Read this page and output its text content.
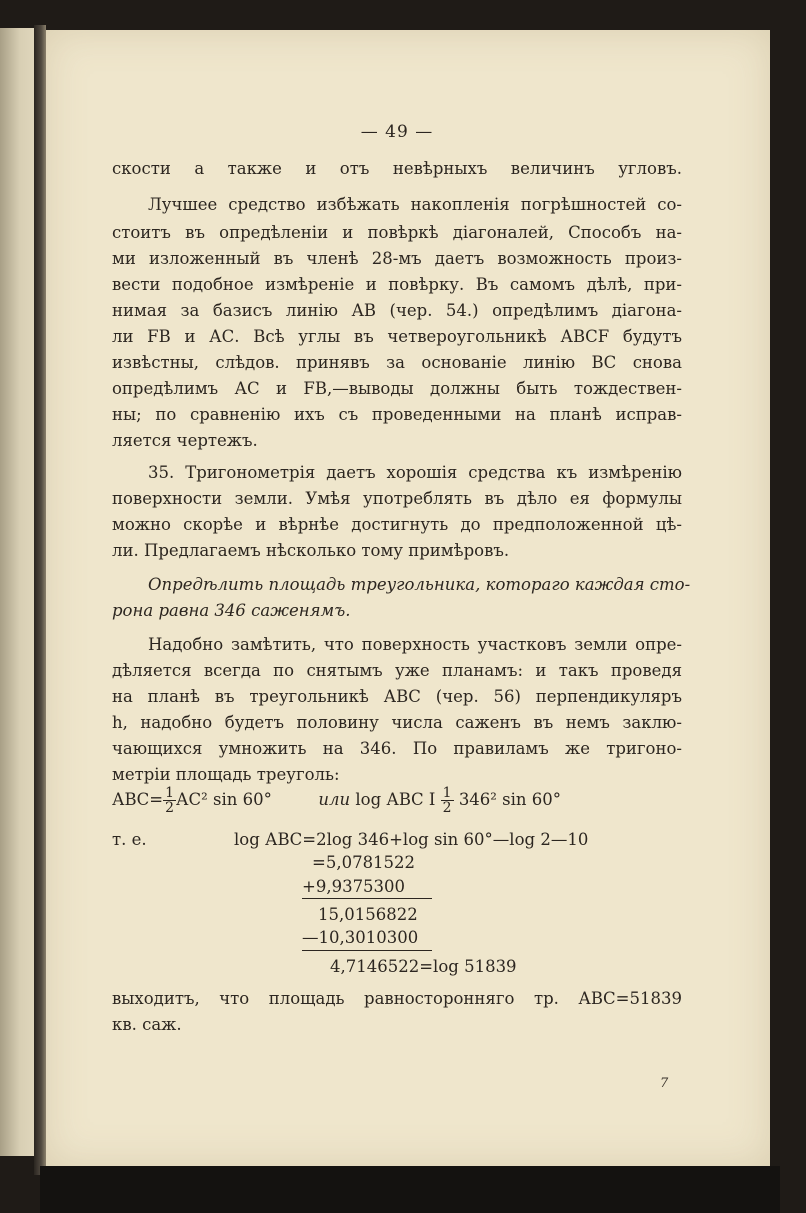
— 49 —
скости а также и отъ невѣрныхъ величинъ угловъ.
Лучшее средство избѣжать накопленія погрѣшностей со-
стоитъ въ опредѣленіи и повѣркѣ діагоналей, Способъ на-
ми изложенный въ членѣ 28-мъ даетъ возможность произ-
вести подобное измѣреніе и повѣрку. Въ самомъ дѣлѣ, при-
нимая за базисъ линію АВ (чер. 54.) опредѣлимъ діагона-
ли FВ и АС. Всѣ углы въ четвероугольникѣ АВСF будутъ
извѣстны, слѣдов. принявъ за основаніе линію ВС снова
опредѣлимъ АС и FВ,—выводы должны быть тождествен-
ны; по сравненію ихъ съ проведенными на планѣ исправ-
ляется чертежъ.
35. Тригонометрія даетъ хорошія средства къ измѣренію
поверхности земли. Умѣя употреблять въ дѣло ея формулы
можно скорѣе и вѣрнѣе достигнуть до предположенной цѣ-
ли. Предлагаемъ нѣсколько тому примѣровъ.
Опредѣлить площадь треугольника, котораго каждая сто-
рона равна 346 саженямъ.
Надобно замѣтить, что поверхность участковъ земли опре-
дѣляется всегда по снятымъ уже планамъ: и такъ проведя
на планѣ въ треугольникѣ АВС (чер. 56) перпендикуляръ
h, надобно будетъ половину числа саженъ въ немъ заклю-
чающихся умножить на 346. По правиламъ же тригоно-
метріи площадь треуголь:
$АВС= \frac{1}{2} АС^2$ sin 60°	или log АВС I $\frac{1}{2} 346^2$ sin 60°
т. е.	log АВС=2log 346+log sin 60°—log 2—10
=5,0781522
+9,9375300
15,0156822
—10,3010300
4,7146522=log 51839
выходитъ, что площадь равносторонняго тр. АВС=51839
кв. саж.
7
